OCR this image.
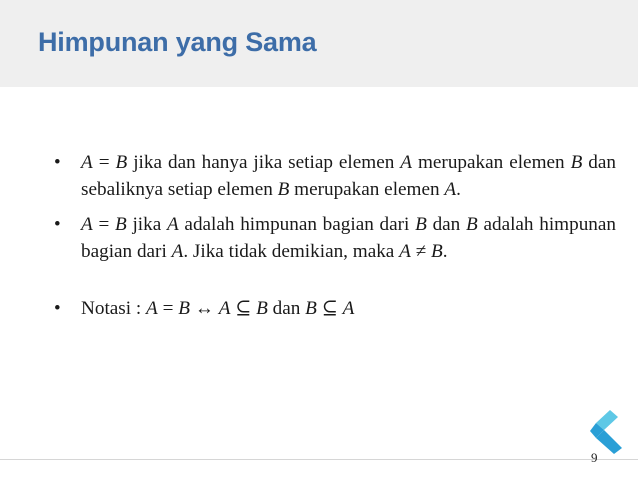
Himpunan yang Sama
• A = B jika dan hanya jika setiap elemen A merupakan elemen B dan sebaliknya setiap elemen B merupakan elemen A.
• A = B jika A adalah himpunan bagian dari B dan B adalah himpunan bagian dari A. Jika tidak demikian, maka A ≠ B.
• Notasi : A = B ↔ A ⊆ B dan B ⊆ A
9
